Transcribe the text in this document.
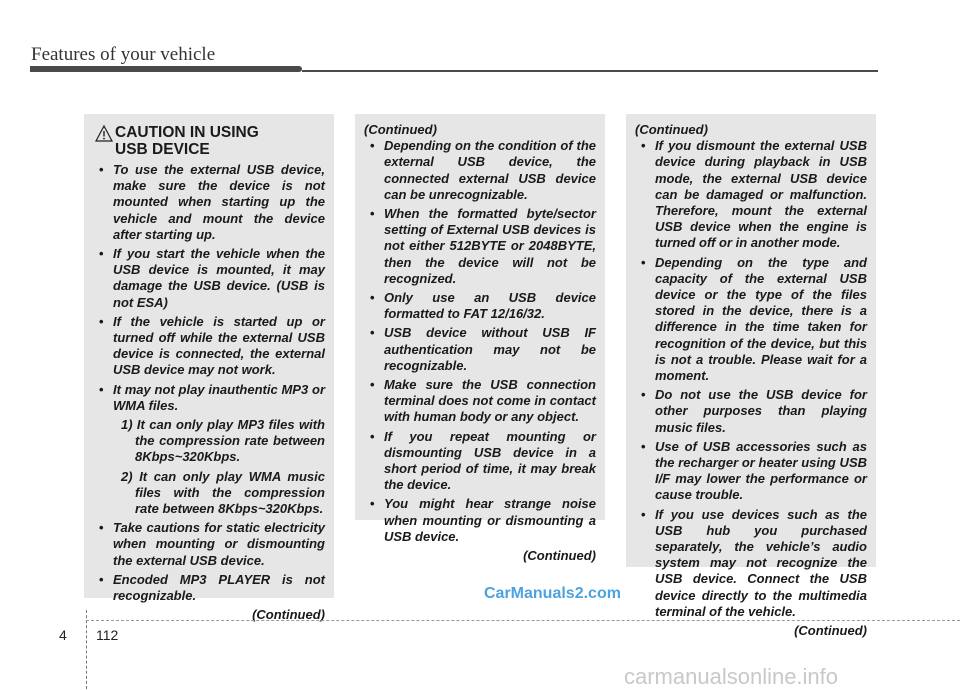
Features of your vehicle
CAUTION IN USING
USB DEVICE
• To use the external USB device, make sure the device is not mounted when starting up the vehicle and mount the device after starting up.
• If you start the vehicle when the USB device is mounted, it may damage the USB device. (USB is not ESA)
• If the vehicle is started up or turned off while the external USB device is connected, the external USB device may not work.
• It may not play inauthentic MP3 or WMA files.
1) It can only play MP3 files with the compression rate between 8Kbps~320Kbps.
2) It can only play WMA music files with the compression rate between 8Kbps~320Kbps.
• Take cautions for static electricity when mounting or dismounting the external USB device.
• Encoded MP3 PLAYER is not recognizable.
(Continued)
(Continued)
• Depending on the condition of the external USB device, the connected external USB device can be unrecognizable.
• When the formatted byte/sector setting of External USB devices is not either 512BYTE or 2048BYTE, then the device will not be recognized.
• Only use an USB device formatted to FAT 12/16/32.
• USB device without USB IF authentication may not be recognizable.
• Make sure the USB connection terminal does not come in contact with human body or any object.
• If you repeat mounting or dismounting USB device in a short period of time, it may break the device.
• You might hear strange noise when mounting or dismounting a USB device.
(Continued)
(Continued)
• If you dismount the external USB device during playback in USB mode, the external USB device can be damaged or malfunction. Therefore, mount the external USB device when the engine is turned off or in another mode.
• Depending on the type and capacity of the external USB device or the type of the files stored in the device, there is a difference in the time taken for recognition of the device, but this is not a trouble. Please wait for a moment.
• Do not use the USB device for other purposes than playing music files.
• Use of USB accessories such as the recharger or heater using USB I/F may lower the performance or cause trouble.
• If you use devices such as the USB hub you purchased separately, the vehicle’s audio system may not recognize the USB device. Connect the USB device directly to the multimedia terminal of the vehicle.
(Continued)
CarManuals2.com
4 112
carmanualsonline.info
